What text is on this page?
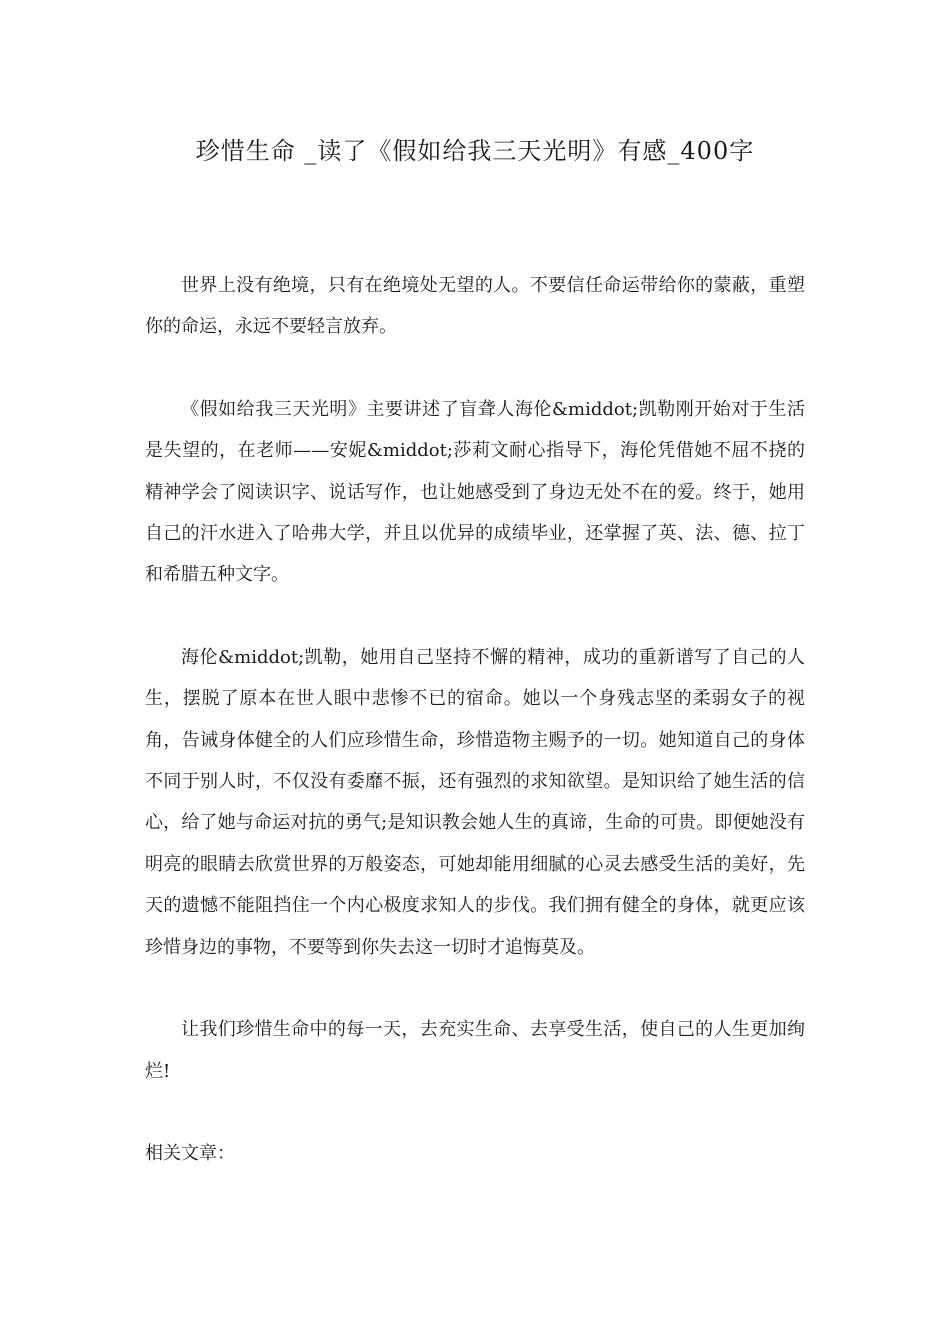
珍惜生命 _读了《假如给我三天光明》有感_400字

世界上没有绝境，只有在绝境处无望的人。不要信任命运带给你的蒙蔽，重塑你的命运，永远不要轻言放弃。

《假如给我三天光明》主要讲述了盲聋人海伦&middot;凯勒刚开始对于生活是失望的，在老师——安妮&middot;莎莉文耐心指导下，海伦凭借她不屈不挠的精神学会了阅读识字、说话写作，也让她感受到了身边无处不在的爱。终于，她用自己的汗水进入了哈弗大学，并且以优异的成绩毕业，还掌握了英、法、德、拉丁和希腊五种文字。

海伦&middot;凯勒，她用自己坚持不懈的精神，成功的重新谱写了自己的人生，摆脱了原本在世人眼中悲惨不已的宿命。她以一个身残志坚的柔弱女子的视角，告诫身体健全的人们应珍惜生命，珍惜造物主赐予的一切。她知道自己的身体不同于别人时，不仅没有委靡不振，还有强烈的求知欲望。是知识给了她生活的信心，给了她与命运对抗的勇气;是知识教会她人生的真谛，生命的可贵。即便她没有明亮的眼睛去欣赏世界的万般姿态，可她却能用细腻的心灵去感受生活的美好，先天的遗憾不能阻挡住一个内心极度求知人的步伐。我们拥有健全的身体，就更应该珍惜身边的事物，不要等到你失去这一切时才追悔莫及。

让我们珍惜生命中的每一天，去充实生命、去享受生活，使自己的人生更加绚烂!

相关文章：
